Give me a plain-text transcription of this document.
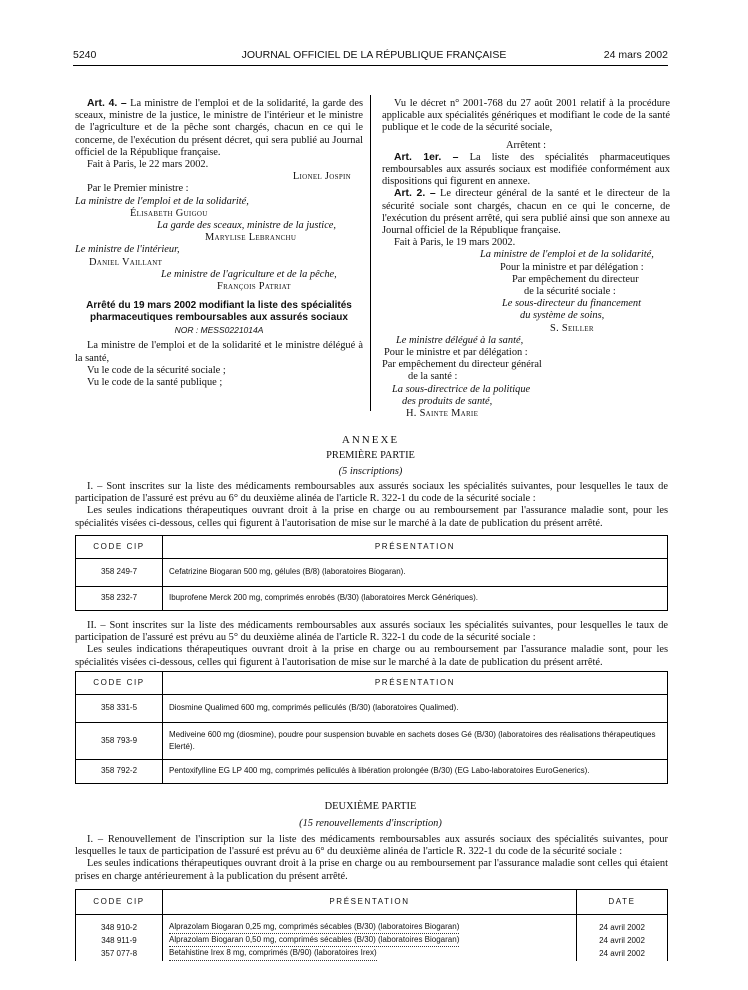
5240	JOURNAL OFFICIEL DE LA RÉPUBLIQUE FRANÇAISE	24 mars 2002

Art. 4. – La ministre de l'emploi et de la solidarité, la garde des sceaux, ministre de la justice, le ministre de l'intérieur et le ministre de l'agriculture et de la pêche sont chargés, chacun en ce qui le concerne, de l'exécution du présent décret, qui sera publié au Journal officiel de la République française.

Fait à Paris, le 22 mars 2002.

Lionel Jospin

Par le Premier ministre :

La ministre de l'emploi et de la solidarité,

Élisabeth Guigou

La garde des sceaux, ministre de la justice,

Marylise Lebranchu

Le ministre de l'intérieur,

Daniel Vaillant

Le ministre de l'agriculture et de la pêche,

François Patriat

Arrêté du 19 mars 2002 modifiant la liste des spécialités pharmaceutiques remboursables aux assurés sociaux

NOR : MESS0221014A

La ministre de l'emploi et de la solidarité et le ministre délégué à la santé,

Vu le code de la sécurité sociale ;

Vu le code de la santé publique ;

Vu le décret n° 2001-768 du 27 août 2001 relatif à la procédure applicable aux spécialités génériques et modifiant le code de la santé publique et le code de la sécurité sociale,

Arrêtent :

Art. 1er. – La liste des spécialités pharmaceutiques remboursables aux assurés sociaux est modifiée conformément aux dispositions qui figurent en annexe.

Art. 2. – Le directeur général de la santé et le directeur de la sécurité sociale sont chargés, chacun en ce qui le concerne, de l'exécution du présent arrêté, qui sera publié ainsi que son annexe au Journal officiel de la République française.

Fait à Paris, le 19 mars 2002.

La ministre de l'emploi et de la solidarité,

Pour la ministre et par délégation :

Par empêchement du directeur

de la sécurité sociale :

Le sous-directeur du financement

du système de soins,

S. Seiller

Le ministre délégué à la santé,

Pour le ministre et par délégation :

Par empêchement du directeur général

de la santé :

La sous-directrice de la politique

des produits de santé,

H. Sainte Marie

ANNEXE
PREMIÈRE PARTIE
(5 inscriptions)

I. – Sont inscrites sur la liste des médicaments remboursables aux assurés sociaux les spécialités suivantes, pour lesquelles le taux de participation de l'assuré est prévu au 6° du deuxième alinéa de l'article R. 322-1 du code de la sécurité sociale :

Les seules indications thérapeutiques ouvrant droit à la prise en charge ou au remboursement par l'assurance maladie sont, pour les spécialités visées ci-dessous, celles qui figurent à l'autorisation de mise sur le marché à la date de publication du présent arrêté.

CODE CIP	PRÉSENTATION
358 249-7	Cefatrizine Biogaran 500 mg, gélules (B/8) (laboratoires Biogaran).
358 232-7	Ibuprofene Merck 200 mg, comprimés enrobés (B/30) (laboratoires Merck Génériques).

II. – Sont inscrites sur la liste des médicaments remboursables aux assurés sociaux les spécialités suivantes, pour lesquelles le taux de participation de l'assuré est prévu au 5° du deuxième alinéa de l'article R. 322-1 du code de la sécurité sociale :

Les seules indications thérapeutiques ouvrant droit à la prise en charge ou au remboursement par l'assurance maladie sont, pour les spécialités visées ci-dessous, celles qui figurent à l'autorisation de mise sur le marché à la date de publication du présent arrêté.

CODE CIP	PRÉSENTATION
358 331-5	Diosmine Qualimed 600 mg, comprimés pelliculés (B/30) (laboratoires Qualimed).
358 793-9	Mediveine 600 mg (diosmine), poudre pour suspension buvable en sachets doses Gé (B/30) (laboratoires des réalisations thérapeutiques Elerté).
358 792-2	Pentoxifylline EG LP 400 mg, comprimés pelliculés à libération prolongée (B/30) (EG Labo-laboratoires EuroGenerics).
DEUXIÈME PARTIE
(15 renouvellements d'inscription)

I. – Renouvellement de l'inscription sur la liste des médicaments remboursables aux assurés sociaux des spécialités suivantes, pour lesquelles le taux de participation de l'assuré est prévu au 6° du deuxième alinéa de l'article R. 322-1 du code de la sécurité sociale :

Les seules indications thérapeutiques ouvrant droit à la prise en charge ou au remboursement par l'assurance maladie sont celles qui étaient prises en charge antérieurement à la publication du présent arrêté.

CODE CIP	PRÉSENTATION	DATE
348 910-2	Alprazolam Biogaran 0,25 mg, comprimés sécables (B/30) (laboratoires Biogaran)	24 avril 2002
348 911-9	Alprazolam Biogaran 0,50 mg, comprimés sécables (B/30) (laboratoires Biogaran)	24 avril 2002
357 077-8	Betahistine Irex 8 mg, comprimés (B/90) (laboratoires Irex)	24 avril 2002
